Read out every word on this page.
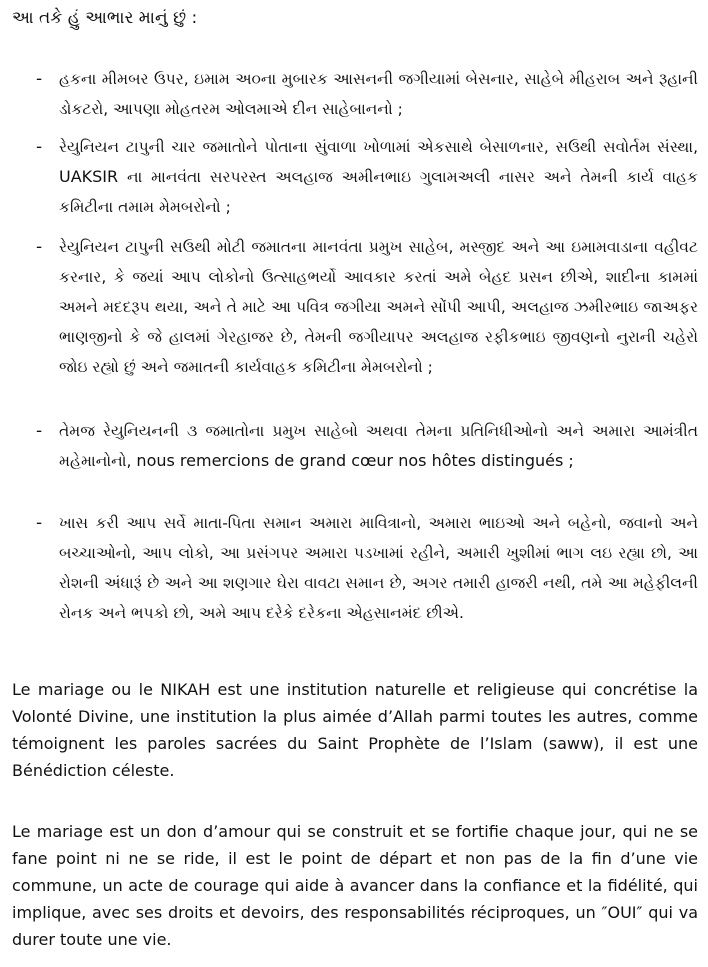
આ તકે હું આભાર માનું છું :
-	હકના મીમબર ઉપર, ઇમામ અ૦ના મુબારક આસનની જગીયામાં બેસનાર, સાહેબે મીહરાબ અને રૂહાની ડોકટરો, આપણા મોહતરમ ઓલમાએ દીન સાહેબાનનો ;
-	રેયુનિયન ટાપુની ચાર જમાતોને પોતાના સુંવાળા ખોળામાં એકસાથે બેસાળનાર, સઉથી સવોર્તમ સંસ્થા, UAKSIR ના માનવંતા સરપરસ્ત અલહાજ અમીનભાઇ ગુલામઅલી નાસર અને તેમની કાર્ય વાહક કમિટીના તમામ મેમબરોનો ;
-	રેયુનિયન ટાપુની સઉથી મોટી જમાતના માનવંતા પ્રમુખ સાહેબ, મસ્જીદ અને આ ઇમામવાડાના વહીવટ કરનાર, કે જયાં આપ લોકોનો ઉત્સાહભર્યો આવકાર કરતાં અમે બેહદ પ્રસન છીએ, શાદીના કામમાં અમને મદદરૂપ થયા, અને તે માટે આ પવિત્ર જગીયા અમને સોંપી આપી, અલહાજ ઝમીરભાઇ જાઅફર ભાણજીનો કે જે હાલમાં ગેરહાજર છે, તેમની જગીયાપર અલહાજ રફીકભાઇ જીવણનો નુરાની ચહેરો જોઇ રહ્યો છું અને જમાતની કાર્યવાહક કમિટીના મેમબરોનો ;
-	તેમજ રેયુનિયનની ૩ જમાતોના પ્રમુખ સાહેબો અથવા તેમના પ્રતિનિધીઓનો અને અમારા આમંત્રીત મહેમાનોનો, nous remercions de grand cœur nos hôtes distingués ;
-	ખાસ કરી આપ સર્વે માતા-પિતા સમાન અમારા માવિત્રાનો, અમારા ભાઇઓ અને બહેનો, જવાનો અને બચ્ચાઓનો, આપ લોકો, આ પ્રસંગપર અમારા પડખામાં રહીને, અમારી ખુશીમાં ભાગ લઇ રહ્યા છો, આ રોશની અંધારૂં છે અને આ શણગાર ઘેરા વાવટા સમાન છે, અગર તમારી હાજરી નથી, તમે આ મહેફીલની રોનક અને ભપકો છો, અમે આપ દરેકે દરેકના એહસાનમંદ છીએ.

Le mariage ou le NIKAH est une institution naturelle et religieuse qui concrétise la Volonté Divine, une institution la plus aimée d’Allah parmi toutes les autres, comme témoignent les paroles sacrées du Saint Prophète de l’Islam (saww), il est une Bénédiction céleste.

Le mariage est un don d’amour qui se construit et se fortifie chaque jour, qui ne se fane point ni ne se ride, il est le point de départ et non pas de la fin d’une vie commune, un acte de courage qui aide à avancer dans la confiance et la fidélité, qui implique, avec ses droits et devoirs, des responsabilités réciproques, un ″OUI″ qui va durer toute une vie.
